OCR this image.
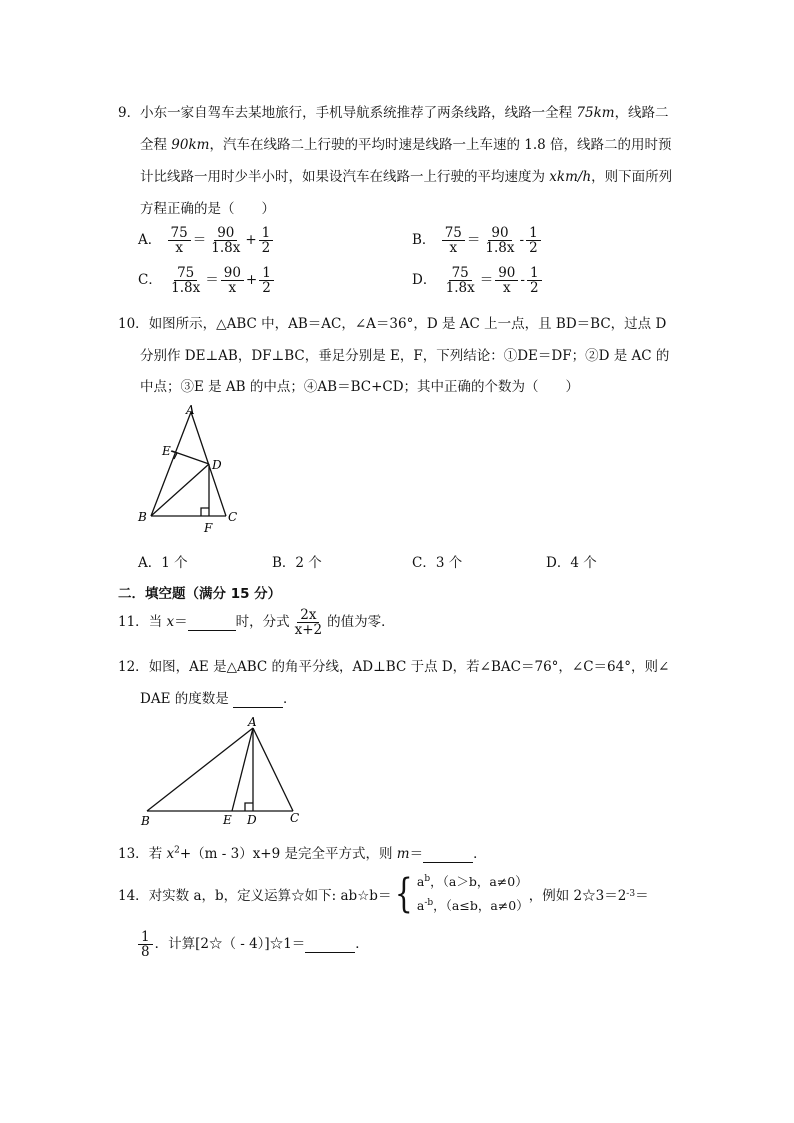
9．小东一家自驾车去某地旅行，手机导航系统推荐了两条线路，线路一全程 75km，线路二
全程 90km，汽车在线路二上行驶的平均时速是线路一上车速的 1.8 倍，线路二的用时预
计比线路一用时少半小时，如果设汽车在线路一上行驶的平均速度为 xkm/h，则下面所列
方程正确的是（　　）
A． $\frac{75}{x} = \frac{90}{1.8x} + \frac{1}{2}$	B． $\frac{75}{x} = \frac{90}{1.8x} - \frac{1}{2}$
C． $\frac{75}{1.8x} = \frac{90}{x} + \frac{1}{2}$	D． $\frac{75}{1.8x} = \frac{90}{x} - \frac{1}{2}$
10．如图所示，△ABC 中，AB＝AC，∠A＝36°，D 是 AC 上一点，且 BD＝BC，过点 D
分别作 DE⊥AB，DF⊥BC，垂足分别是 E，F，下列结论：①DE＝DF；②D 是 AC 的
中点；③E 是 AB 的中点；④AB＝BC+CD；其中正确的个数为（　　）
A
E
D
B	C
F
A．1 个	B．2 个	C．3 个	D．4 个
二．填空题（满分 15 分）
11．当 x＝	时，分式 $\frac{2x}{x+2}$ 的值为零．
12．如图，AE 是△ABC 的角平分线，AD⊥BC 于点 D，若∠BAC＝76°，∠C＝64°，则∠
DAE 的度数是	．
A
B	E D	C
13．若 $x^2+(m - 3)x+9$ 是完全平方式，则 m＝	．
14． 对实数 a，b，定义运算☆如下: ab☆b＝ { $a^b$，（a＞b，a≠0）
$a^{-b}$，（a≤b，a≠0）
，例如 2☆3＝2 -3 ＝
$\frac{1}{8}$ ．计算[2☆（ - 4）]☆1＝	．
